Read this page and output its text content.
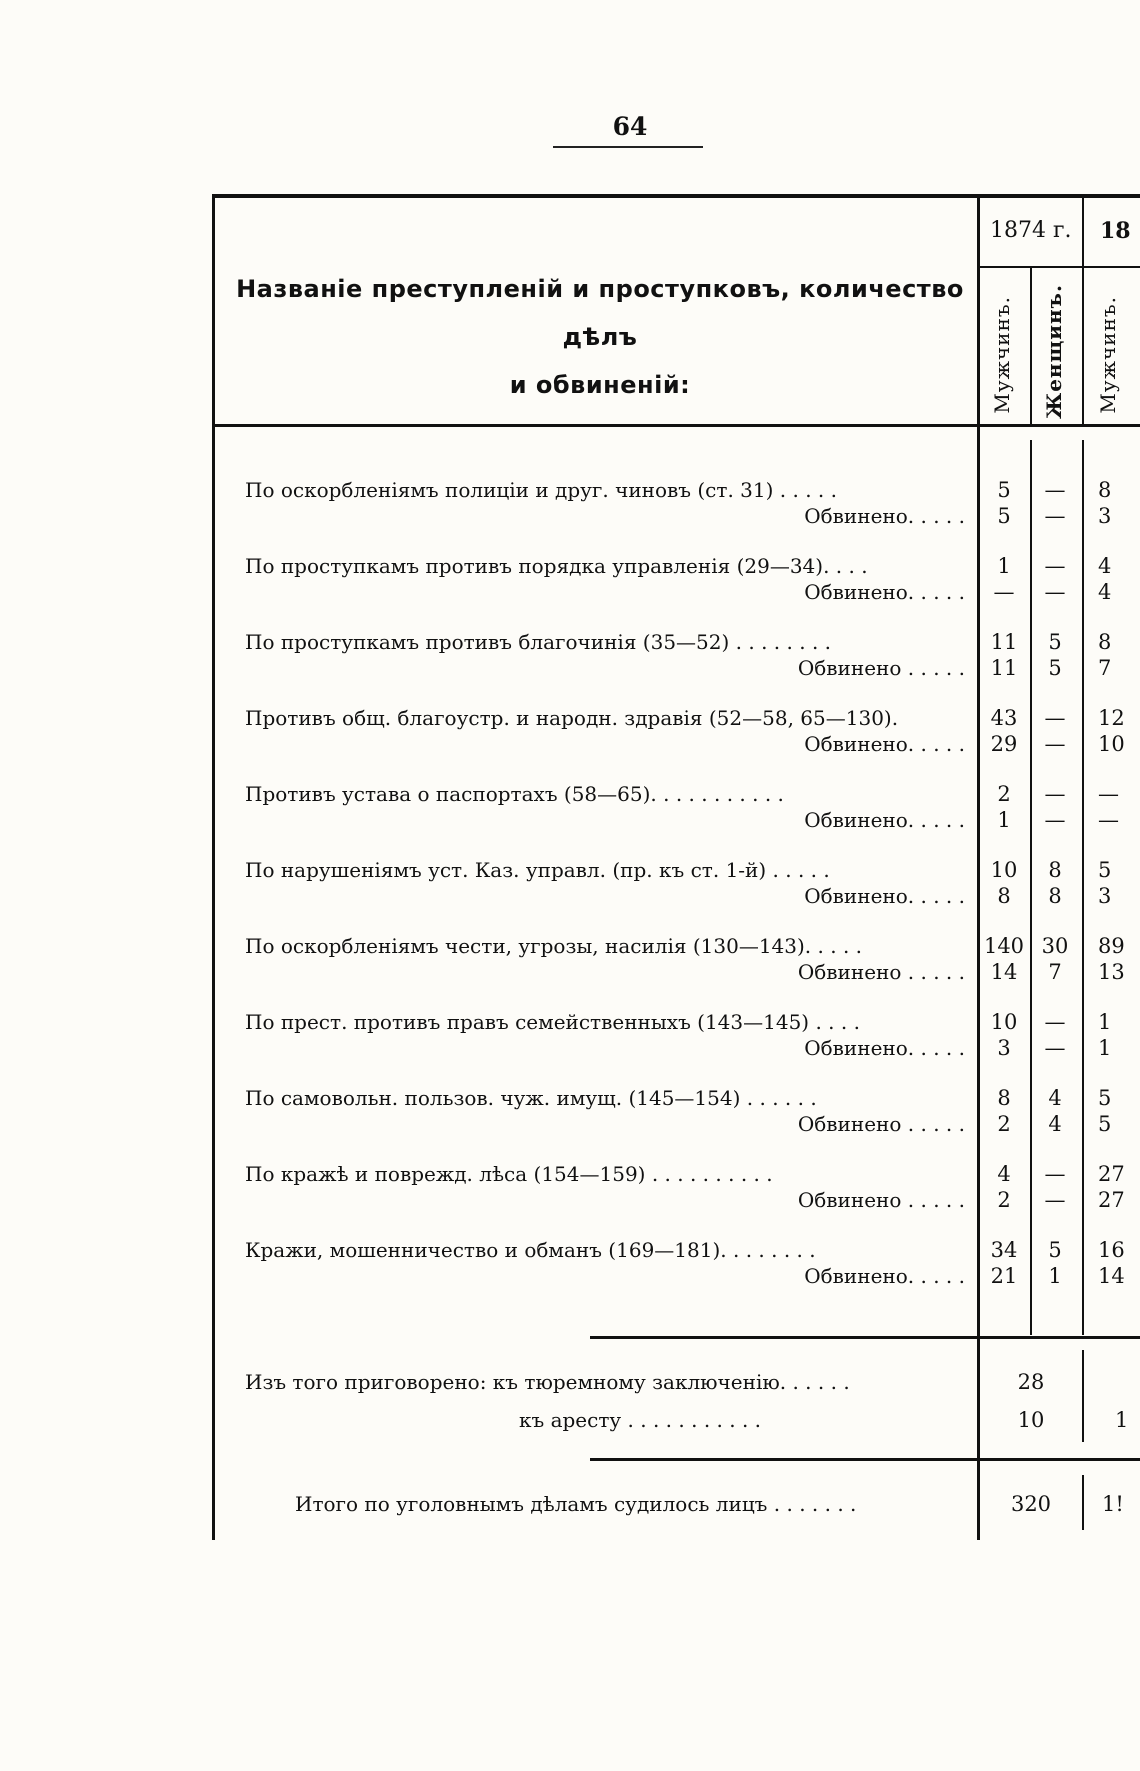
64
Названіе преступленій и проступковъ, количество дѣлъ
и обвиненій:
1874 г. 18
Мужчинъ. Женщинъ. Мужчинъ.
По оскорбленіямъ полиціи и друг. чиновъ (ст. 31) . . . . .	5	—	8
Обвинено. . . . .	5	—	3
По проступкамъ противъ порядка управленія (29—34). . . .	1	—	4
Обвинено. . . . .	—	—	4
По проступкамъ противъ благочинія (35—52) . . . . . . . .	11	5	8
Обвинено . . . . .	11	5	7
Противъ общ. благоустр. и народн. здравія (52—58, 65—130).	43	—	12
Обвинено. . . . .	29	—	10
Противъ устава о паспортахъ (58—65). . . . . . . . . . .	2	—	—
Обвинено. . . . .	1	—	—
По нарушеніямъ уст. Каз. управл. (пр. къ ст. 1-й) . . . . .	10	8	5
Обвинено. . . . .	8	8	3
По оскорбленіямъ чести, угрозы, насилія (130—143). . . . .	140 30	89
Обвинено . . . . .	14	7	13
По прест. противъ правъ семейственныхъ (143—145) . . . .	10	—	1
Обвинено. . . . .	3	—	1
По самовольн. пользов. чуж. имущ. (145—154) . . . . . .	8	4	5
Обвинено . . . . .	2	4	5
По кражѣ и поврежд. лѣса (154—159) . . . . . . . . . .	4	—	27
Обвинено . . . . .	2	—	27
Кражи, мошенничество и обманъ (169—181). . . . . . . .	34	5	16
Обвинено. . . . .	21	1	14
Изъ того приговорено: къ тюремному заключенію. . . . . .	28
къ аресту . . . . . . . . . . .	10	1
Итого по уголовнымъ дѣламъ судилось лицъ . . . . . . .	320	1!
